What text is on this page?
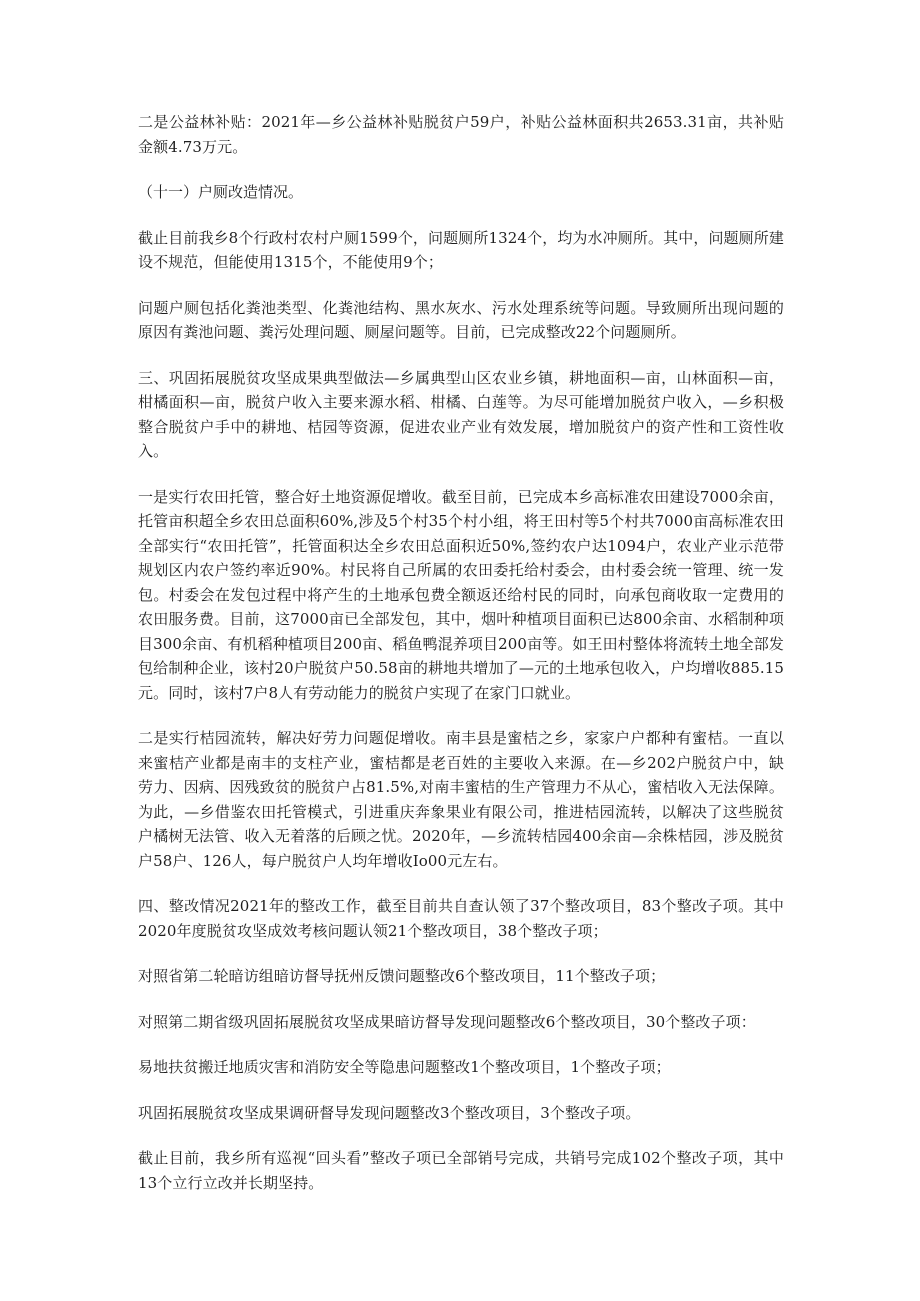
二是公益林补贴：2021年—乡公益林补贴脱贫户59户，补贴公益林面积共2653.31亩，共补贴金额4.73万元。

（十一）户厕改造情况。

截止目前我乡8个行政村农村户厕1599个，问题厕所1324个，均为水冲厕所。其中，问题厕所建设不规范，但能使用1315个，不能使用9个；

问题户厕包括化粪池类型、化粪池结构、黑水灰水、污水处理系统等问题。导致厕所出现问题的原因有粪池问题、粪污处理问题、厕屋问题等。目前，已完成整改22个问题厕所。

三、巩固拓展脱贫攻坚成果典型做法—乡属典型山区农业乡镇，耕地面积—亩，山林面积—亩，柑橘面积—亩，脱贫户收入主要来源水稻、柑橘、白莲等。为尽可能增加脱贫户收入，—乡积极整合脱贫户手中的耕地、桔园等资源，促进农业产业有效发展，增加脱贫户的资产性和工资性收入。

一是实行农田托管，整合好土地资源促增收。截至目前，已完成本乡高标准农田建设7000余亩，托管亩积超全乡农田总面积60%,涉及5个村35个村小组，将王田村等5个村共7000亩高标准农田全部实行“农田托管”，托管面积达全乡农田总面积近50%,签约农户达1094户，农业产业示范带规划区内农户签约率近90%。村民将自己所属的农田委托给村委会，由村委会统一管理、统一发包。村委会在发包过程中将产生的土地承包费全额返还给村民的同时，向承包商收取一定费用的农田服务费。目前，这7000亩已全部发包，其中，烟叶种植项目面积已达800余亩、水稻制种项目300余亩、有机稻种植项目200亩、稻鱼鸭混养项目200亩等。如王田村整体将流转土地全部发包给制种企业，该村20户脱贫户50.58亩的耕地共增加了—元的土地承包收入，户均增收885.15元。同时，该村7户8人有劳动能力的脱贫户实现了在家门口就业。

二是实行桔园流转，解决好劳力问题促增收。南丰县是蜜桔之乡，家家户户都种有蜜桔。一直以来蜜桔产业都是南丰的支柱产业，蜜桔都是老百姓的主要收入来源。在—乡202户脱贫户中，缺劳力、因病、因残致贫的脱贫户占81.5%,对南丰蜜桔的生产管理力不从心，蜜桔收入无法保障。为此，—乡借鉴农田托管模式，引进重庆奔象果业有限公司，推进桔园流转，以解决了这些脱贫户橘树无法管、收入无着落的后顾之忧。2020年，—乡流转桔园400余亩—余株桔园，涉及脱贫户58户、126人，每户脱贫户人均年增收Io00元左右。

四、整改情况2021年的整改工作，截至目前共自查认领了37个整改项目，83个整改子项。其中2020年度脱贫攻坚成效考核问题认领21个整改项目，38个整改子项；

对照省第二轮暗访组暗访督导抚州反馈问题整改6个整改项目，11个整改子项；

对照第二期省级巩固拓展脱贫攻坚成果暗访督导发现问题整改6个整改项目，30个整改子项：

易地扶贫搬迁地质灾害和消防安全等隐患问题整改1个整改项目，1个整改子项；

巩固拓展脱贫攻坚成果调研督导发现问题整改3个整改项目，3个整改子项。

截止目前，我乡所有巡视“回头看”整改子项已全部销号完成，共销号完成102个整改子项，其中13个立行立改并长期坚持。
